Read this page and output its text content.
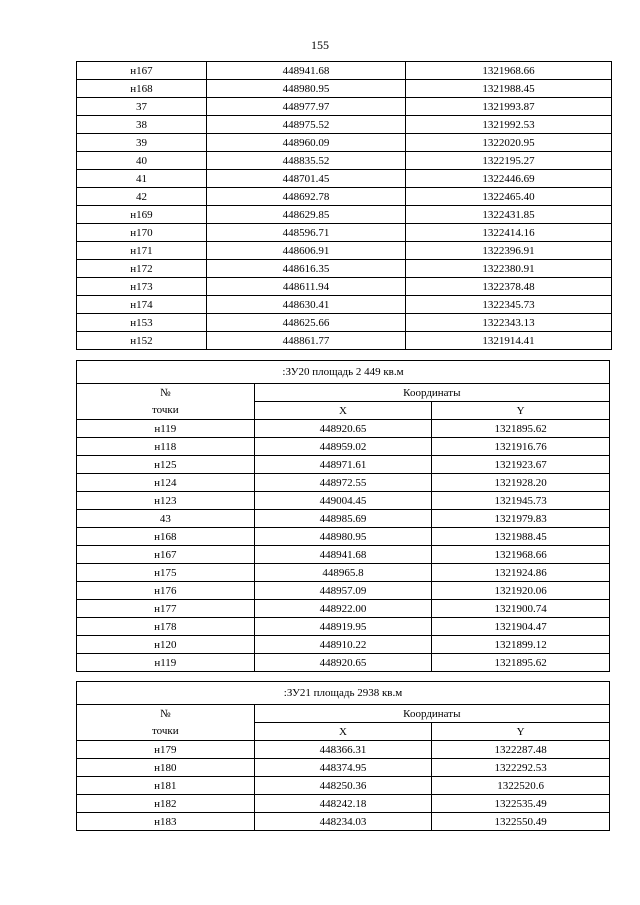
155
н167	448941.68	1321968.66
н168	448980.95	1321988.45
37	448977.97	1321993.87
38	448975.52	1321992.53
39	448960.09	1322020.95
40	448835.52	1322195.27
41	448701.45	1322446.69
42	448692.78	1322465.40
н169	448629.85	1322431.85
н170	448596.71	1322414.16
н171	448606.91	1322396.91
н172	448616.35	1322380.91
н173	448611.94	1322378.48
н174	448630.41	1322345.73
н153	448625.66	1322343.13
н152	448861.77	1321914.41
:ЗУ20 площадь 2 449 кв.м		
№	Координаты	
точки	X	Y
н119	448920.65	1321895.62
н118	448959.02	1321916.76
н125	448971.61	1321923.67
н124	448972.55	1321928.20
н123	449004.45	1321945.73
43	448985.69	1321979.83
н168	448980.95	1321988.45
н167	448941.68	1321968.66
н175	448965.8	1321924.86
н176	448957.09	1321920.06
н177	448922.00	1321900.74
н178	448919.95	1321904.47
н120	448910.22	1321899.12
н119	448920.65	1321895.62
:ЗУ21 площадь 2938 кв.м		
№	Координаты	
точки	X	Y
н179	448366.31	1322287.48
н180	448374.95	1322292.53
н181	448250.36	1322520.6
н182	448242.18	1322535.49
н183	448234.03	1322550.49
